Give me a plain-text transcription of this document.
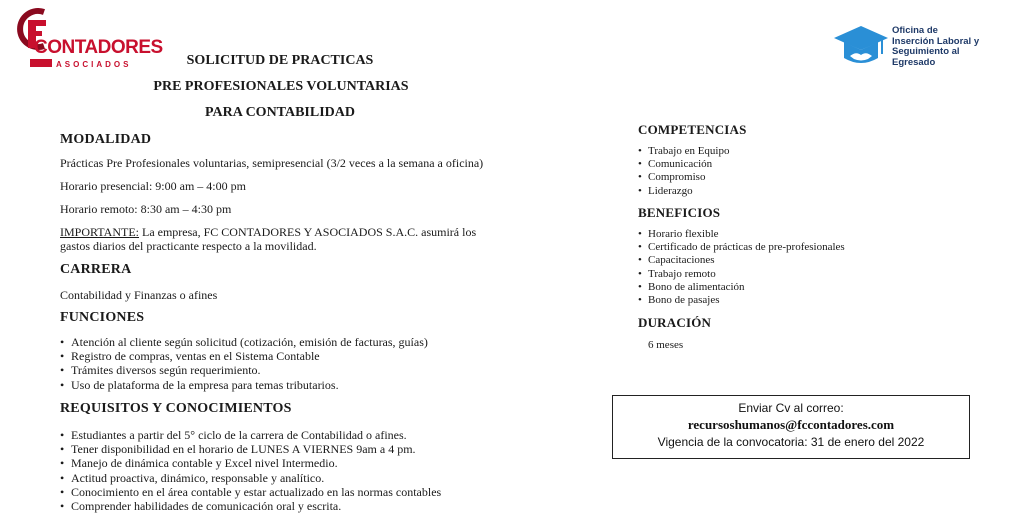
CONTADORES
ASOCIADOS
Oficina de
Inserción Laboral y
Seguimiento al
Egresado
SOLICITUD DE PRACTICAS
PRE PROFESIONALES VOLUNTARIAS
PARA CONTABILIDAD
MODALIDAD
Prácticas Pre Profesionales voluntarias, semipresencial (3/2 veces a la semana a oficina)
Horario presencial: 9:00 am – 4:00 pm
Horario remoto: 8:30 am – 4:30 pm
IMPORTANTE: La empresa, FC CONTADORES Y ASOCIADOS S.A.C. asumirá los
gastos diarios del practicante respecto a la movilidad.
CARRERA
Contabilidad y Finanzas o afines
FUNCIONES
• Atención al cliente según solicitud (cotización, emisión de facturas, guías)
• Registro de compras, ventas en el Sistema Contable
• Trámites diversos según requerimiento.
• Uso de plataforma de la empresa para temas tributarios.
REQUISITOS Y CONOCIMIENTOS
• Estudiantes a partir del 5° ciclo de la carrera de Contabilidad o afines.
• Tener disponibilidad en el horario de LUNES A VIERNES 9am a 4 pm.
• Manejo de dinámica contable y Excel nivel Intermedio.
• Actitud proactiva, dinámico, responsable y analítico.
• Conocimiento en el área contable y estar actualizado en las normas contables
• Comprender habilidades de comunicación oral y escrita.
COMPETENCIAS
• Trabajo en Equipo
• Comunicación
• Compromiso
• Liderazgo
BENEFICIOS
• Horario flexible
• Certificado de prácticas de pre-profesionales
• Capacitaciones
• Trabajo remoto
• Bono de alimentación
• Bono de pasajes
DURACIÓN
6 meses
Enviar Cv al correo:
recursoshumanos@fccontadores.com
Vigencia de la convocatoria: 31 de enero del 2022
